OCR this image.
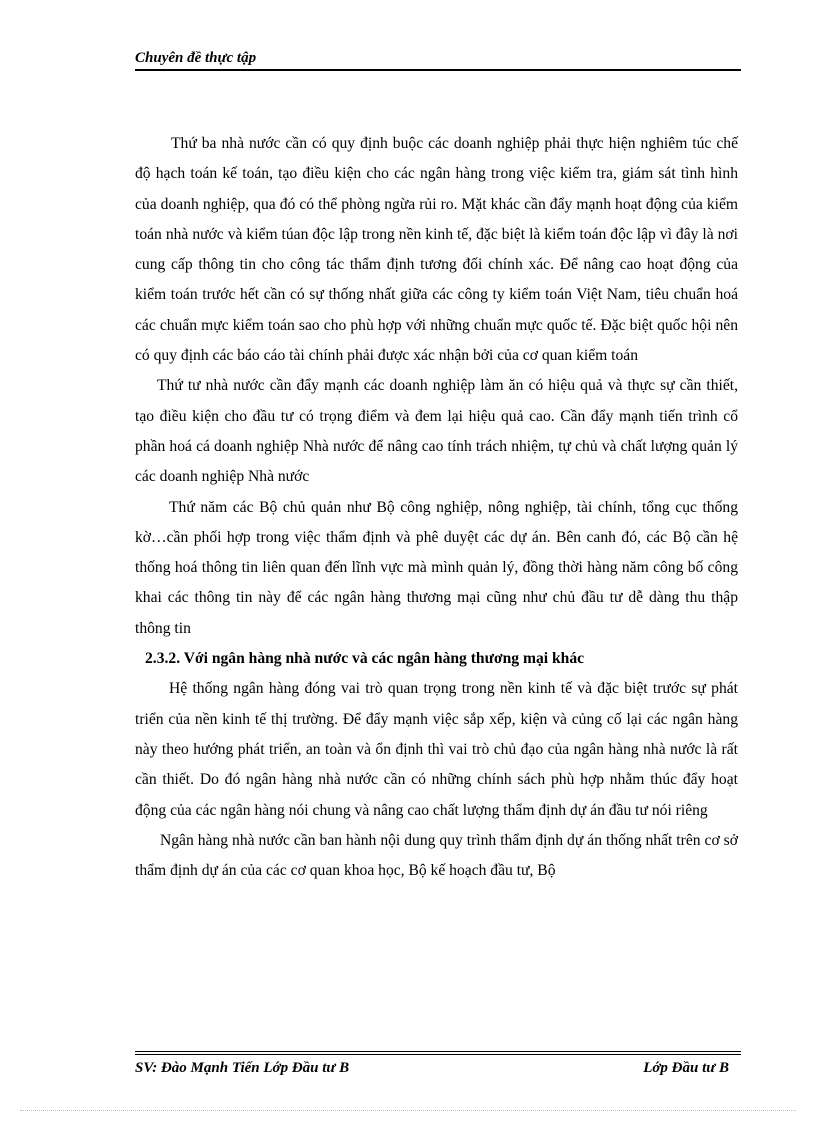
Chuyên đề thực tập

Thứ ba nhà nước cần có quy định buộc các doanh nghiệp phải thực hiện nghiêm túc chế độ hạch toán kế toán, tạo điều kiện cho các ngân hàng trong việc kiểm tra, giám sát tình hình của doanh nghiệp, qua đó có thể phòng ngừa rủi ro. Mặt khác cần đẩy mạnh hoạt động của kiểm toán nhà nước và kiểm túan độc lập trong nền kinh tế, đặc biệt là kiểm toán độc lập vì đây là nơi cung cấp thông tin cho công tác thẩm định tương đối chính xác. Để nâng cao hoạt động của kiểm toán trước hết cần có sự thống nhất giữa các công ty kiểm toán Việt Nam, tiêu chuẩn hoá các chuẩn mực kiểm toán sao cho phù hợp với những chuẩn mực quốc tế. Đặc biệt quốc hội nên có quy định các báo cáo tài chính phải được xác nhận bởi của cơ quan kiểm toán

Thứ tư nhà nước cần đẩy mạnh các doanh nghiệp làm ăn có hiệu quả và thực sự cần thiết, tạo điều kiện cho đầu tư có trọng điểm và đem lại hiệu quả cao. Cần đẩy mạnh tiến trình cổ phần hoá cá doanh nghiệp Nhà nước để nâng cao tính trách nhiệm, tự chủ và chất lượng quản lý các doanh nghiệp Nhà nước

Thứ năm các Bộ chủ quản như Bộ công nghiệp, nông nghiệp, tài chính, tổng cục thống kờ…cần phối hợp trong việc thẩm định và phê duyệt các dự án. Bên canh đó, các Bộ cần hệ thống hoá thông tin liên quan đến lĩnh vực mà mình quản lý, đồng thời hàng năm công bố công khai các thông tin này để các ngân hàng thương mại cũng như chủ đầu tư dễ dàng thu thập thông tin

2.3.2. Với ngân hàng nhà nước và các ngân hàng thương mại khác

Hệ thống ngân hàng đóng vai trò quan trọng trong nền kinh tế và đặc biệt trước sự phát triển của nền kinh tế thị trường. Để đẩy mạnh việc sắp xếp, kiện và củng cố lại các ngân hàng này theo hướng phát triển, an toàn và ổn định thì vai trò chủ đạo của ngân hàng nhà nước là rất cần thiết. Do đó ngân hàng nhà nước cần có những chính sách phù hợp nhằm thúc đẩy hoạt động của các ngân hàng nói chung và nâng cao chất lượng thẩm định dự án đầu tư nói riêng

Ngân hàng nhà nước cần ban hành nội dung quy trình thẩm định dự án thống nhất trên cơ sở thẩm định dự án của các cơ quan khoa học, Bộ kế hoạch đầu tư, Bộ

SV: Đào Mạnh Tiến Lớp Đầu tư B	Lớp Đầu tư B
